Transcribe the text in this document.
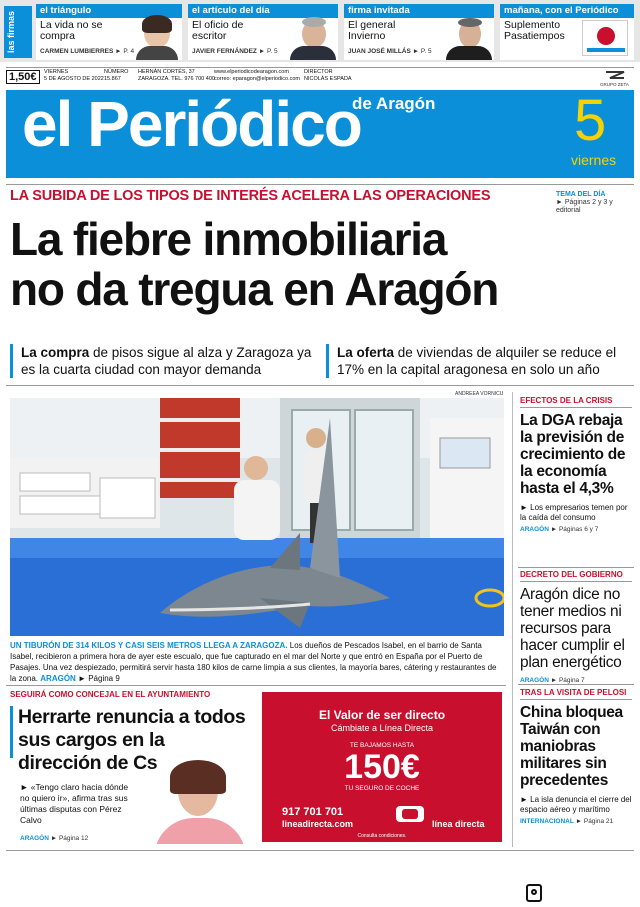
las firmas
el triángulo
La vida no se compra
CARMEN LUMBIERRES ► P. 4
el artículo del día
El oficio de escritor
JAVIER FERNÁNDEZ ► P. 5
firma invitada
El general Invierno
JUAN JOSÉ MILLÁS ► P. 5
mañana, con el Periódico
Suplemento Pasatiempos
1,50€	VIERNES
5 DE AGOSTO DE 2022
NÚMERO
15.867
HERNÁN CORTÉS, 37
ZARAGOZA. TEL. 976 700 400
www.elperiodicodearagon.com
correo: eparagon@elperiodico.com
DIRECTOR
NICOLÁS ESPADA
GRUPO ZETA
el Periódico
de Aragón 5
viernes
LA SUBIDA DE LOS TIPOS DE INTERÉS ACELERA LAS OPERACIONES	TEMA DEL DÍA
► Páginas 2 y 3 y editorial
La fiebre inmobiliaria
no da tregua en Aragón
La compra de pisos sigue al alza y Zaragoza ya es la cuarta ciudad con mayor demanda
La oferta de viviendas de alquiler se reduce el 17% en la capital aragonesa en solo un año
ANDREEA VORNICU
UN TIBURÓN DE 314 KILOS Y CASI SEIS METROS LLEGA A ZARAGOZA. Los dueños de Pescados Isabel, en el barrio de Santa Isabel, recibieron a primera hora de ayer este escualo, que fue capturado en el mar del Norte y que entró en España por el Puerto de Pasajes. Una vez despiezado, permitirá servir hasta 180 kilos de carne limpia a sus clientes, la mayoría bares, cátering y restaurantes de la zona. ARAGÓN ► Página 9
EFECTOS DE LA CRISIS
La DGA rebaja la previsión de crecimiento de la economía hasta el 4,3%
► Los empresarios temen por la caída del consumo
ARAGÓN ► Páginas 6 y 7
DECRETO DEL GOBIERNO
Aragón dice no tener medios ni recursos para hacer cumplir el plan energético
ARAGÓN ► Página 7
TRAS LA VISITA DE PELOSI
China bloquea Taiwán con maniobras militares sin precedentes
► La isla denuncia el cierre del espacio aéreo y marítimo
INTERNACIONAL ► Página 21
SEGUIRÁ COMO CONCEJAL EN EL AYUNTAMIENTO
Herrarte renuncia a todos sus cargos en la dirección de Cs
► «Tengo claro hacia dónde no quiero ir», afirma tras sus últimas disputas con Pérez Calvo
ARAGÓN ► Página 12
El Valor de ser directo
Cámbiate a Línea Directa
TE BAJAMOS HASTA
150€
TU SEGURO DE COCHE
917 701 701
lineadirecta.com	línea directa
Consulta condiciones.
